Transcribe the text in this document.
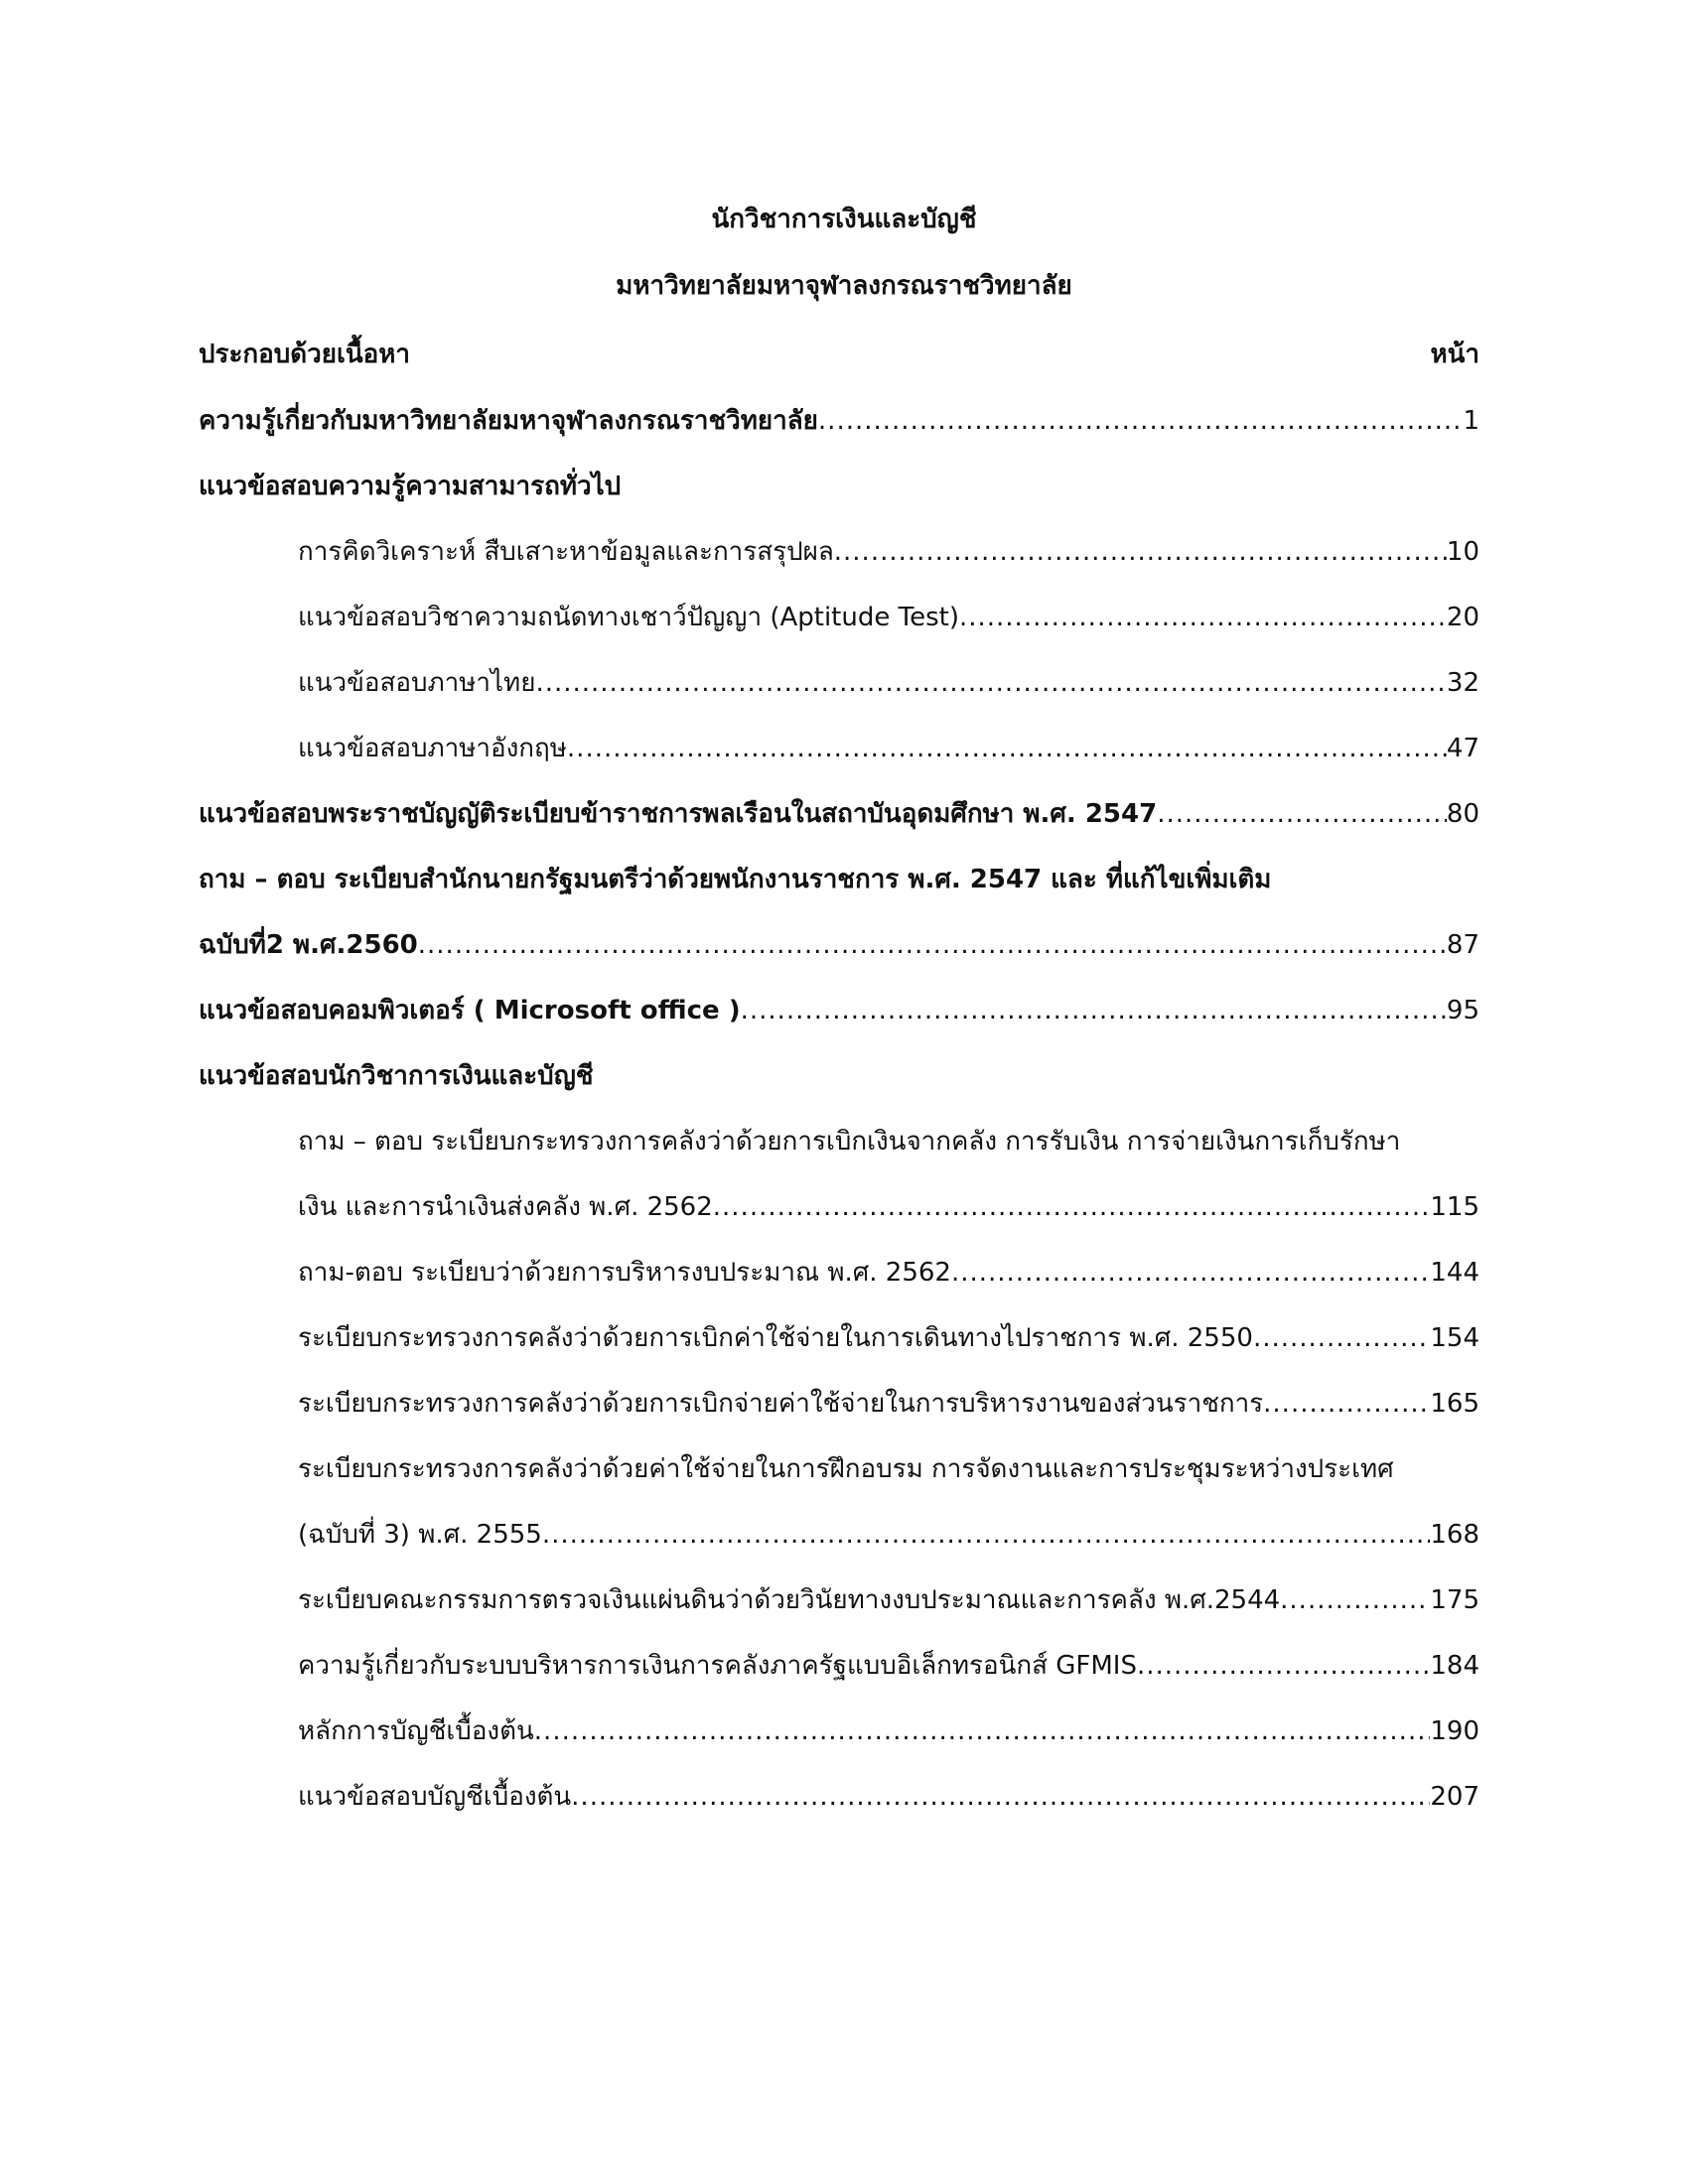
นักวิชาการเงินและบัญชี
มหาวิทยาลัยมหาจุฬาลงกรณราชวิทยาลัย
ประกอบด้วยเนื้อหา	หน้า
ความรู้เกี่ยวกับมหาวิทยาลัยมหาจุฬาลงกรณราชวิทยาลัย .....	1
แนวข้อสอบความรู้ความสามารถทั่วไป
การคิดวิเคราะห์ สืบเสาะหาข้อมูลและการสรุปผล .....	10
แนวข้อสอบวิชาความถนัดทางเชาว์ปัญญา (Aptitude Test) .....	20
แนวข้อสอบภาษาไทย .....	32
แนวข้อสอบภาษาอังกฤษ .....	47
แนวข้อสอบพระราชบัญญัติระเบียบข้าราชการพลเรือนในสถาบันอุดมศึกษา พ.ศ. 2547 .....	80
ถาม – ตอบ ระเบียบสำนักนายกรัฐมนตรีว่าด้วยพนักงานราชการ พ.ศ. 2547 และ ที่แก้ไขเพิ่มเติม
ฉบับที่2 พ.ศ.2560 .....	87
แนวข้อสอบคอมพิวเตอร์ ( Microsoft office ) .....	95
แนวข้อสอบนักวิชาการเงินและบัญชี
ถาม – ตอบ ระเบียบกระทรวงการคลังว่าด้วยการเบิกเงินจากคลัง การรับเงิน การจ่ายเงินการเก็บรักษา
เงิน และการนำเงินส่งคลัง พ.ศ. 2562 .....	115
ถาม-ตอบ ระเบียบว่าด้วยการบริหารงบประมาณ พ.ศ. 2562 .....	144
ระเบียบกระทรวงการคลังว่าด้วยการเบิกค่าใช้จ่ายในการเดินทางไปราชการ พ.ศ. 2550 .....	154
ระเบียบกระทรวงการคลังว่าด้วยการเบิกจ่ายค่าใช้จ่ายในการบริหารงานของส่วนราชการ .....	165
ระเบียบกระทรวงการคลังว่าด้วยค่าใช้จ่ายในการฝึกอบรม การจัดงานและการประชุมระหว่างประเทศ
(ฉบับที่ 3) พ.ศ. 2555 .....	168
ระเบียบคณะกรรมการตรวจเงินแผ่นดินว่าด้วยวินัยทางงบประมาณและการคลัง พ.ศ.2544 .....	175
ความรู้เกี่ยวกับระบบบริหารการเงินการคลังภาครัฐแบบอิเล็กทรอนิกส์ GFMIS .....	184
หลักการบัญชีเบื้องต้น .....	190
แนวข้อสอบบัญชีเบื้องต้น .....	207
